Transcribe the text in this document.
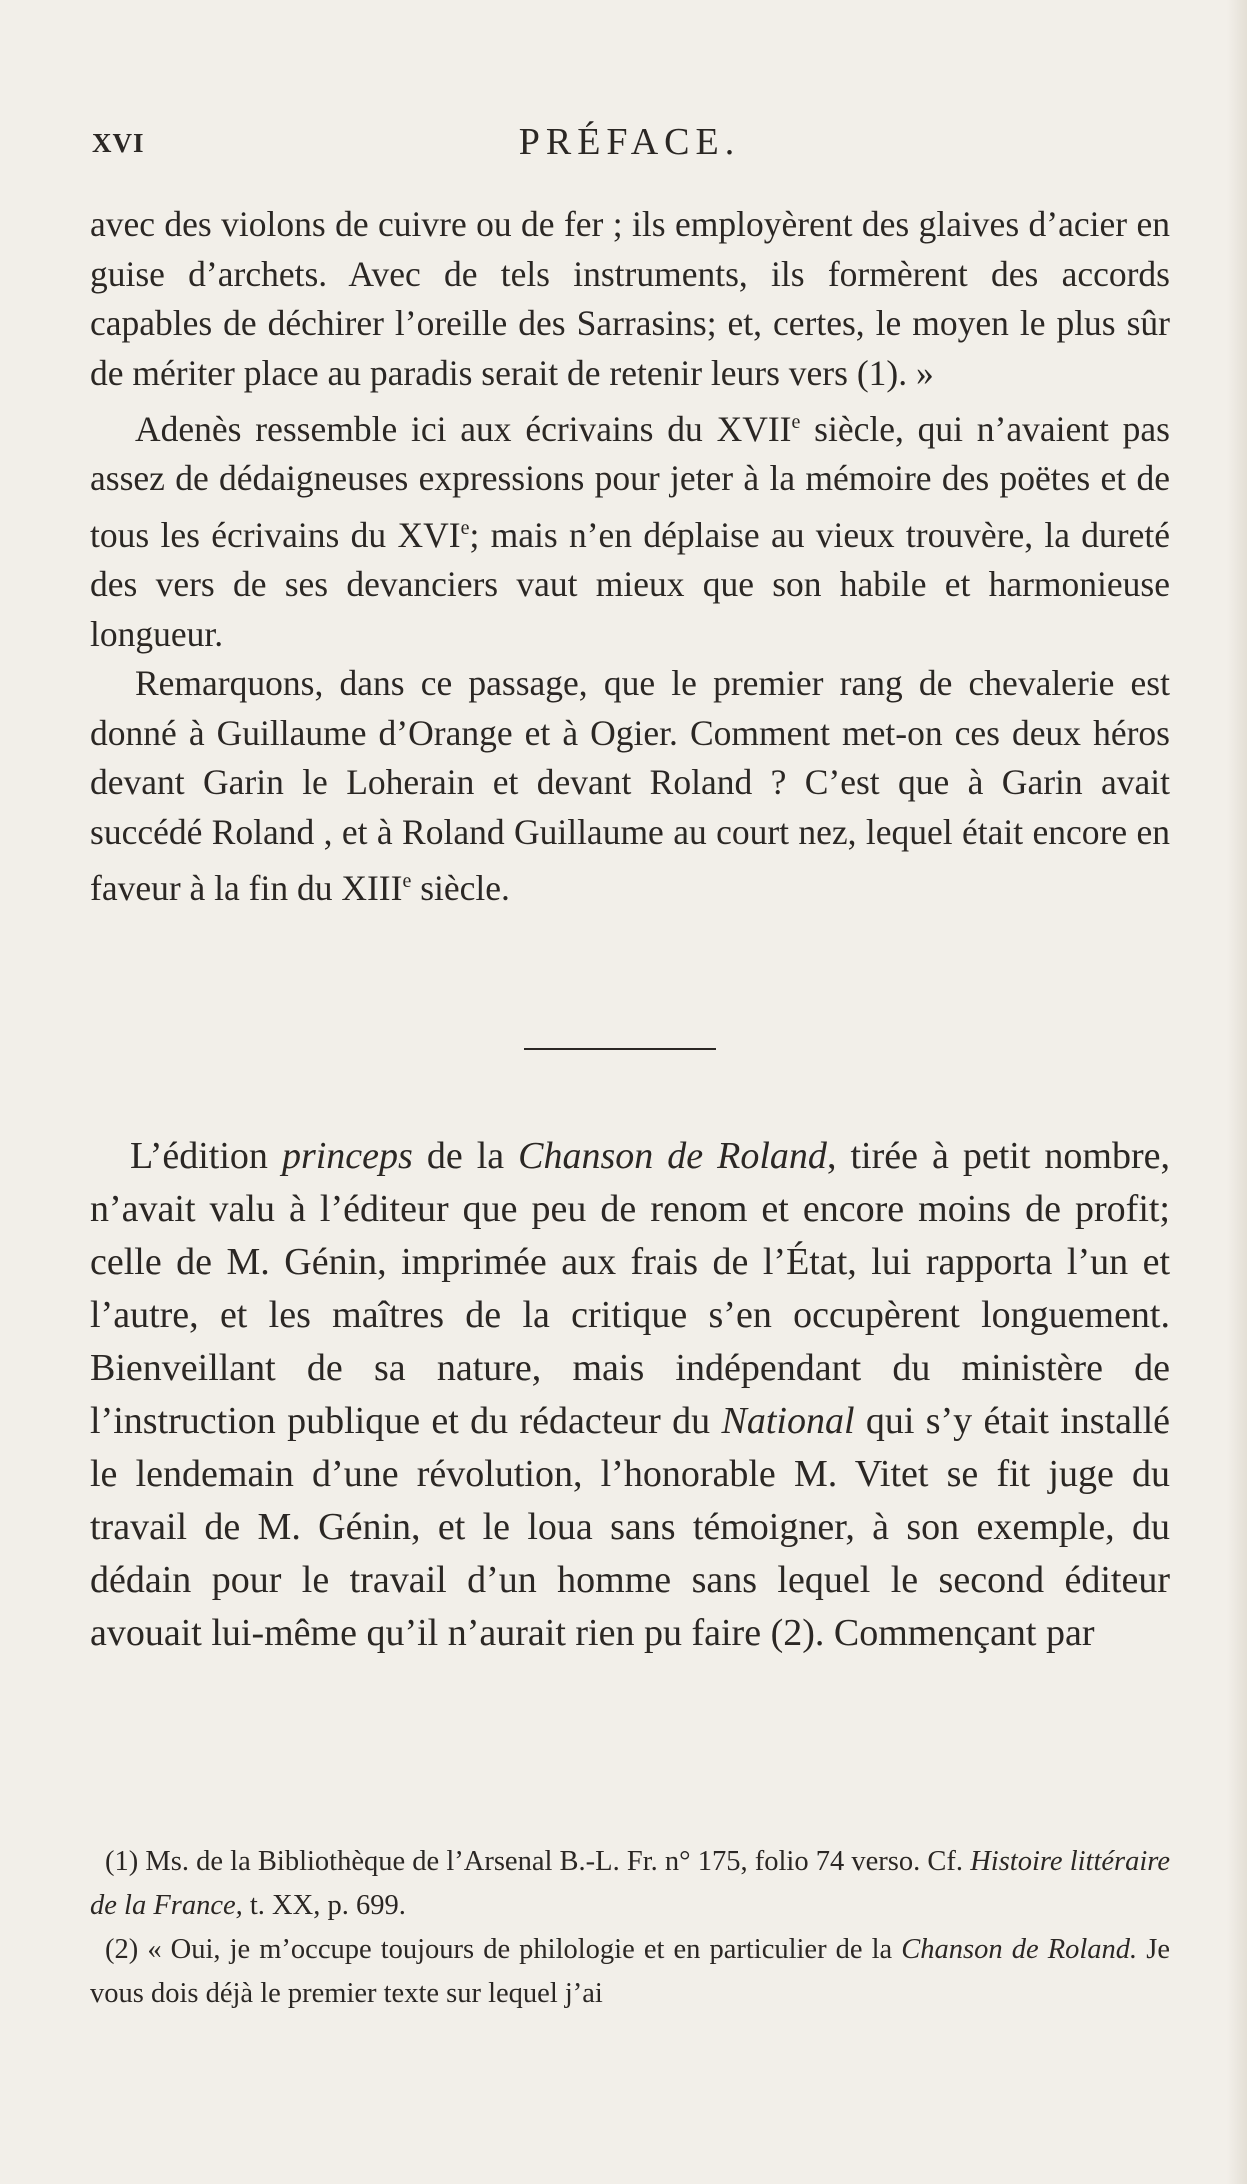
XVI	PRÉFACE.

avec des violons de cuivre ou de fer ; ils employèrent des glaives d’acier en guise d’archets. Avec de tels instruments, ils formèrent des accords capables de déchirer l’oreille des Sarrasins; et, certes, le moyen le plus sûr de mériter place au paradis serait de retenir leurs vers (1). »

Adenès ressemble ici aux écrivains du XVIIe siècle, qui n’avaient pas assez de dédaigneuses expressions pour jeter à la mémoire des poëtes et de tous les écrivains du XVIe; mais n’en déplaise au vieux trouvère, la dureté des vers de ses devanciers vaut mieux que son habile et harmonieuse longueur.

Remarquons, dans ce passage, que le premier rang de chevalerie est donné à Guillaume d’Orange et à Ogier. Comment met-on ces deux héros devant Garin le Loherain et devant Roland ? C’est que à Garin avait succédé Roland , et à Roland Guillaume au court nez, lequel était encore en faveur à la fin du XIIIe siècle.

L’édition princeps de la Chanson de Roland, tirée à petit nombre, n’avait valu à l’éditeur que peu de renom et encore moins de profit; celle de M. Génin, imprimée aux frais de l’État, lui rapporta l’un et l’autre, et les maîtres de la critique s’en occupèrent longuement. Bienveillant de sa nature, mais indépendant du ministère de l’instruction publique et du rédacteur du National qui s’y était installé le lendemain d’une révolution, l’honorable M. Vitet se fit juge du travail de M. Génin, et le loua sans témoigner, à son exemple, du dédain pour le travail d’un homme sans lequel le second éditeur avouait lui-même qu’il n’aurait rien pu faire (2). Commençant par

(1) Ms. de la Bibliothèque de l’Arsenal B.-L. Fr. n° 175, folio 74 verso. Cf. Histoire littéraire de la France, t. XX, p. 699.

(2) « Oui, je m’occupe toujours de philologie et en particulier de la Chanson de Roland. Je vous dois déjà le premier texte sur lequel j’ai
